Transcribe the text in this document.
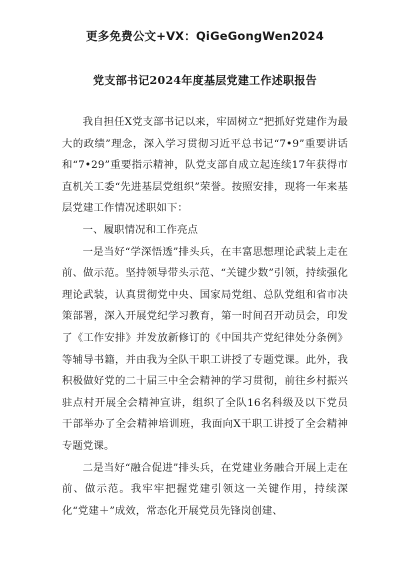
更多免费公文+VX：QiGeGongWen2024
党支部书记2024年度基层党建工作述职报告

我自担任X党支部书记以来，牢固树立“把抓好党建作为最大的政绩”理念，深入学习贯彻习近平总书记“7•9”重要讲话和“7•29”重要指示精神，队党支部自成立起连续17年获得市直机关工委“先进基层党组织”荣誉。按照安排，现将一年来基层党建工作情况述职如下：

一、履职情况和工作亮点

一是当好“学深悟透”排头兵，在丰富思想理论武装上走在前、做示范。坚持领导带头示范、“关键少数”引领，持续强化理论武装，认真贯彻党中央、国家局党组、总队党组和省市决策部署，深入开展党纪学习教育，第一时间召开动员会，印发了《工作安排》并发放新修订的《中国共产党纪律处分条例》等辅导书籍，并由我为全队干职工讲授了专题党课。此外，我积极做好党的二十届三中全会精神的学习贯彻，前往乡村振兴驻点村开展全会精神宣讲，组织了全队16名科级及以下党员干部举办了全会精神培训班，我面向X干职工讲授了全会精神专题党课。

二是当好“融合促进”排头兵，在党建业务融合开展上走在前、做示范。我牢牢把握党建引领这一关键作用，持续深化“党建＋”成效，常态化开展党员先锋岗创建、
